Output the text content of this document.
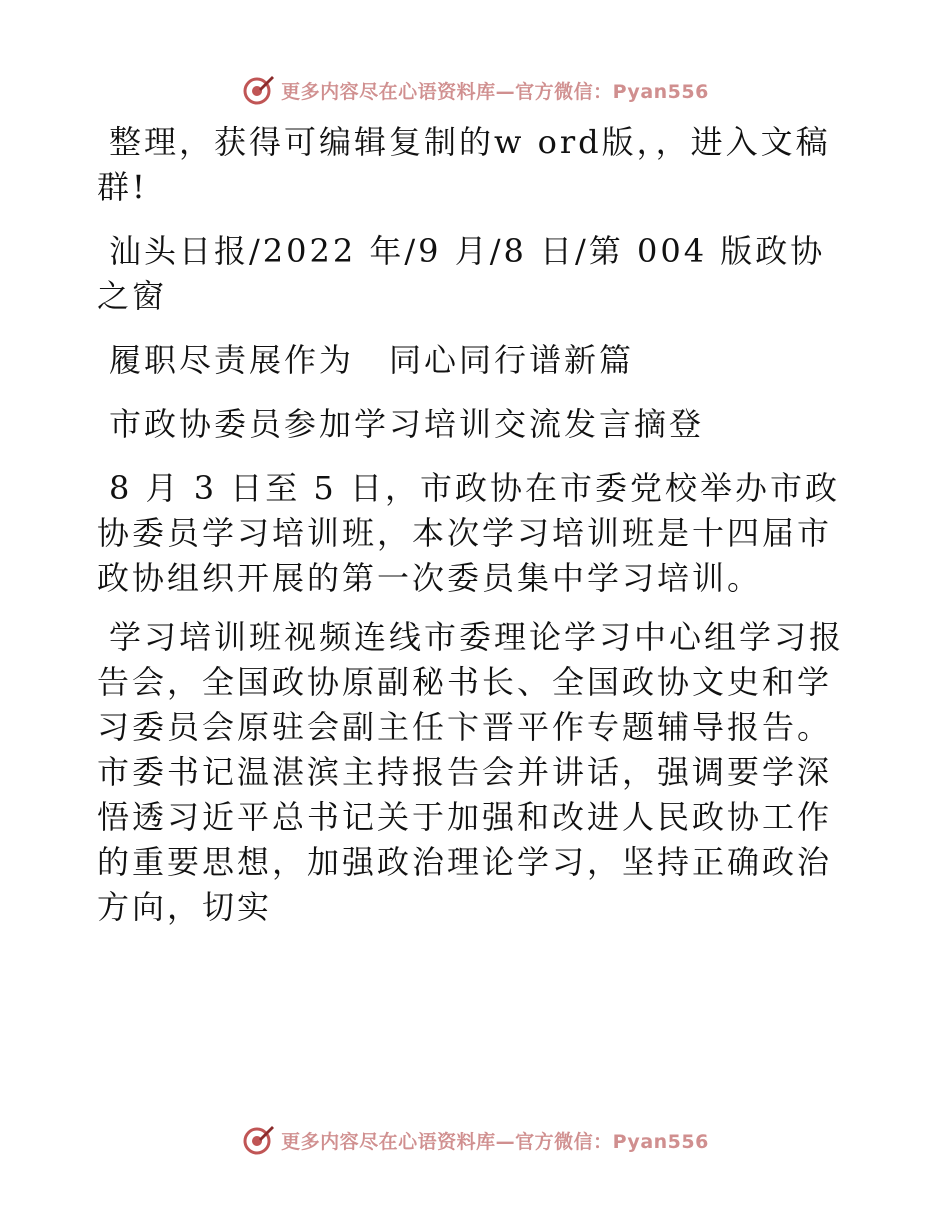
更多内容尽在心语资料库—官方微信：Pyan556

整理，获得可编辑复制的w ord版，，进入文稿群!

汕头日报/2022 年/9 月/8 日/第 004 版政协之窗

履职尽责展作为　同心同行谱新篇

市政协委员参加学习培训交流发言摘登

8 月 3 日至 5 日，市政协在市委党校举办市政协委员学习培训班，本次学习培训班是十四届市政协组织开展的第一次委员集中学习培训。

学习培训班视频连线市委理论学习中心组学习报告会，全国政协原副秘书长、全国政协文史和学习委员会原驻会副主任卞晋平作专题辅导报告。市委书记温湛滨主持报告会并讲话，强调要学深悟透习近平总书记关于加强和改进人民政协工作的重要思想，加强政治理论学习，坚持正确政治方向，切实

更多内容尽在心语资料库—官方微信：Pyan556
